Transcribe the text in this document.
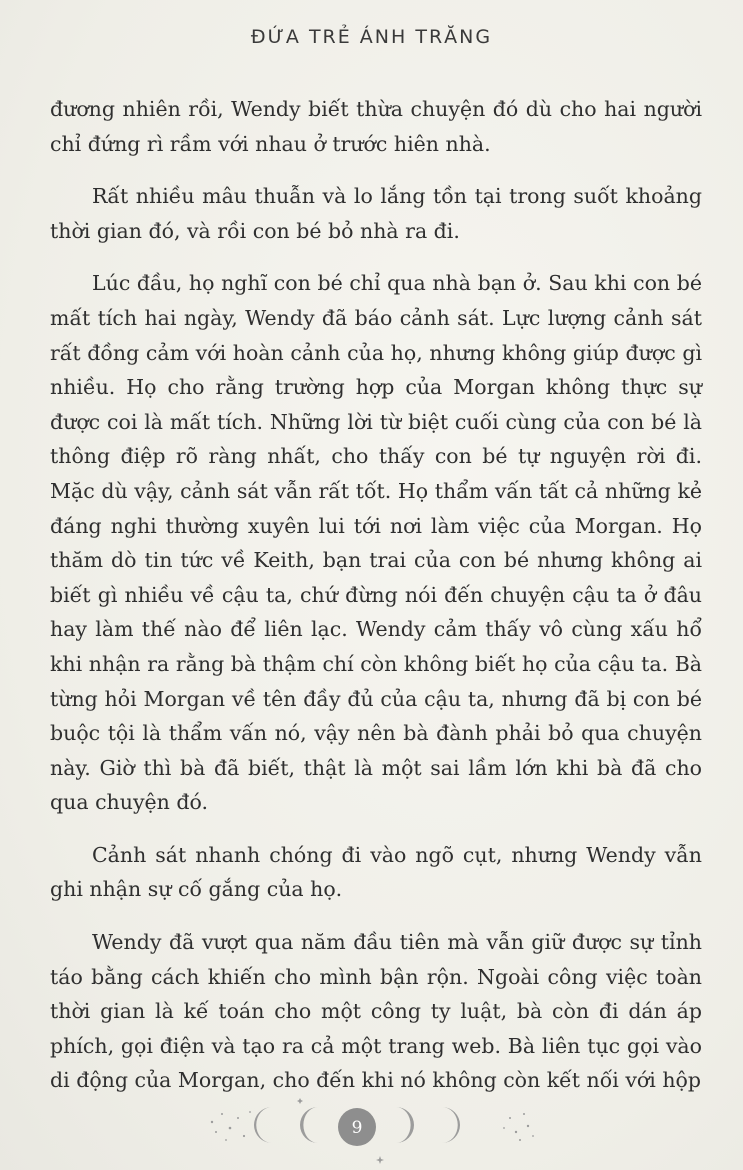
ĐỨA TRẺ ÁNH TRĂNG

đương nhiên rồi, Wendy biết thừa chuyện đó dù cho hai người chỉ đứng rì rầm với nhau ở trước hiên nhà.

Rất nhiều mâu thuẫn và lo lắng tồn tại trong suốt khoảng thời gian đó, và rồi con bé bỏ nhà ra đi.

Lúc đầu, họ nghĩ con bé chỉ qua nhà bạn ở. Sau khi con bé mất tích hai ngày, Wendy đã báo cảnh sát. Lực lượng cảnh sát rất đồng cảm với hoàn cảnh của họ, nhưng không giúp được gì nhiều. Họ cho rằng trường hợp của Morgan không thực sự được coi là mất tích. Những lời từ biệt cuối cùng của con bé là thông điệp rõ ràng nhất, cho thấy con bé tự nguyện rời đi. Mặc dù vậy, cảnh sát vẫn rất tốt. Họ thẩm vấn tất cả những kẻ đáng nghi thường xuyên lui tới nơi làm việc của Morgan. Họ thăm dò tin tức về Keith, bạn trai của con bé nhưng không ai biết gì nhiều về cậu ta, chứ đừng nói đến chuyện cậu ta ở đâu hay làm thế nào để liên lạc. Wendy cảm thấy vô cùng xấu hổ khi nhận ra rằng bà thậm chí còn không biết họ của cậu ta. Bà từng hỏi Morgan về tên đầy đủ của cậu ta, nhưng đã bị con bé buộc tội là thẩm vấn nó, vậy nên bà đành phải bỏ qua chuyện này. Giờ thì bà đã biết, thật là một sai lầm lớn khi bà đã cho qua chuyện đó.

Cảnh sát nhanh chóng đi vào ngõ cụt, nhưng Wendy vẫn ghi nhận sự cố gắng của họ.

Wendy đã vượt qua năm đầu tiên mà vẫn giữ được sự tỉnh táo bằng cách khiến cho mình bận rộn. Ngoài công việc toàn thời gian là kế toán cho một công ty luật, bà còn đi dán áp phích, gọi điện và tạo ra cả một trang web. Bà liên tục gọi vào di động của Morgan, cho đến khi nó không còn kết nối với hộp

9
